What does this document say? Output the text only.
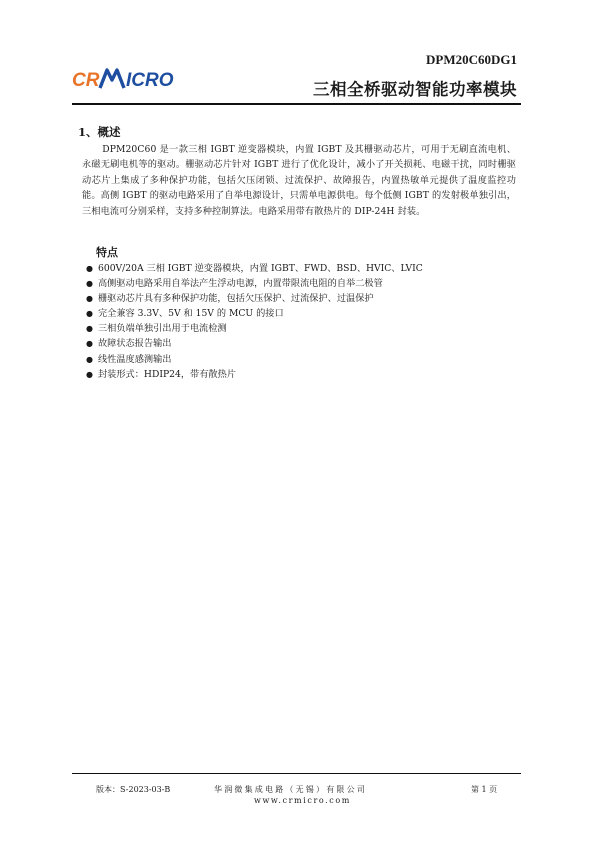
CR ICRO
DPM20C60DG1
三相全桥驱动智能功率模块
1、概述
DPM20C60 是一款三相 IGBT 逆变器模块，内置 IGBT 及其栅驱动芯片，可用于无刷直流电机、永磁无刷电机等的驱动。栅驱动芯片针对 IGBT 进行了优化设计，减小了开关损耗、电磁干扰，同时栅驱动芯片上集成了多种保护功能，包括欠压闭锁、过流保护、故障报告，内置热敏单元提供了温度监控功能。高侧 IGBT 的驱动电路采用了自举电源设计，只需单电源供电。每个低侧 IGBT 的发射极单独引出，三相电流可分别采样，支持多种控制算法。电路采用带有散热片的 DIP-24H 封装。
特点
● 600V/20A 三相 IGBT 逆变器模块，内置 IGBT、FWD、BSD、HVIC、LVIC
● 高侧驱动电路采用自举法产生浮动电源，内置带限流电阻的自举二极管
● 栅驱动芯片具有多种保护功能，包括欠压保护、过流保护、过温保护
● 完全兼容 3.3V、5V 和 15V 的 MCU 的接口
● 三相负端单独引出用于电流检测
● 故障状态报告输出
● 线性温度感测输出
● 封装形式：HDIP24，带有散热片
版本：S-2023-03-B	华润微集成电路（无锡）有限公司
www.crmicro.com
第 1 页
